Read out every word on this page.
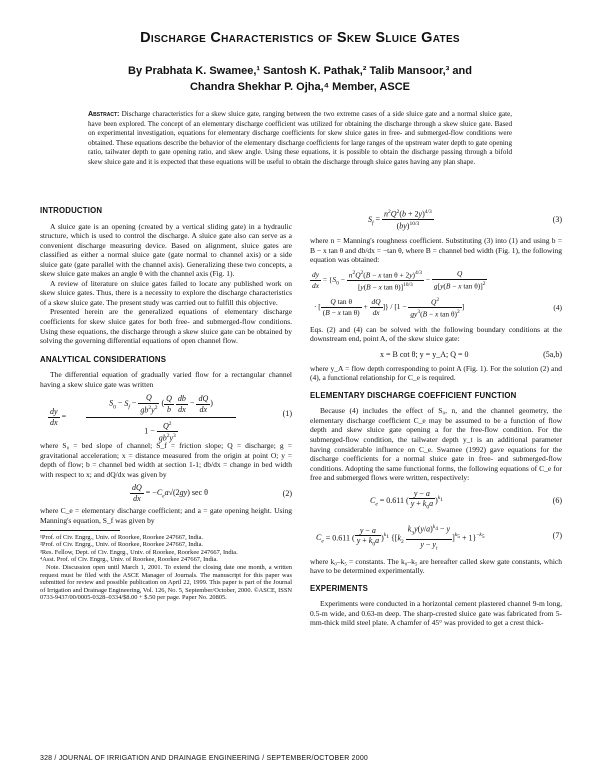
Discharge Characteristics of Skew Sluice Gates
By Prabhata K. Swamee,¹ Santosh K. Pathak,² Talib Mansoor,³ and
Chandra Shekhar P. Ojha,⁴ Member, ASCE
Abstract: Discharge characteristics for a skew sluice gate, ranging between the two extreme cases of a side sluice gate and a normal sluice gate, have been explored. The concept of an elementary discharge coefficient was utilized for obtaining the discharge through a skew sluice gate. Based on experimental investigation, equations for elementary discharge coefficients for skew sluice gates in free- and submerged-flow conditions were obtained. These equations describe the behavior of the elementary discharge coefficients for large ranges of the upstream water depth to gate opening ratio, tailwater depth to gate opening ratio, and skew angle. Using these equations, it is possible to obtain the discharge passing through a bifold skew sluice gate and it is expected that these equations will be useful to obtain the discharge through sluice gates having any plan shape.
INTRODUCTION

A sluice gate is an opening (created by a vertical sliding gate) in a hydraulic structure, which is used to control the discharge. A sluice gate also can serve as a convenient discharge measuring device. Based on alignment, sluice gates are classified as either a normal sluice gate (gate normal to channel axis) or a side sluice gate (gate parallel with the channel axis). Generalizing these two concepts, a skew sluice gate makes an angle θ with the channel axis (Fig. 1).

A review of literature on sluice gates failed to locate any published work on skew sluice gates. Thus, there is a necessity to explore the discharge characteristics of a skew sluice gate. The present study was carried out to fulfill this objective.

Presented herein are the generalized equations of elementary discharge coefficients for skew sluice gates for both free- and submerged-flow conditions. Using these equations, the discharge through a skew sluice gate can be obtained by solving the governing differential equations of open channel flow.

ANALYTICAL CONSIDERATIONS

The differential equation of gradually varied flow for a rectangular channel having a skew sluice gate was written

$\frac{dy}{dx}$ =
$S_0 - S_f - \frac{Q}{gb^2y^2}$ ( $\frac{Q}{b}$
$\frac{db}{dx} - \frac{dQ}{dx}$ )
$1 - \frac{Q^2}{gb^2y^3}$
(1)

where S₀ = bed slope of channel; S_f = friction slope; Q = discharge; g = gravitational acceleration; x = distance measured from the origin at point O; y = depth of flow; b = channel bed width at section 1-1; db/dx = change in bed width with respect to x; and dQ/dx was given by

$\frac{dQ}{dx} = -C_ea√(2gy)$ sec θ	(2)

where C_e = elementary discharge coefficient; and a = gate opening height. Using Manning's equation, S_f was given by

¹Prof. of Civ. Engrg., Univ. of Roorkee, Roorkee 247667, India.
²Prof. of Civ. Engrg., Univ. of Roorkee, Roorkee 247667, India.
³Res. Fellow, Dept. of Civ. Engrg., Univ. of Roorkee, Roorkee 247667, India.
⁴Asst. Prof. of Civ. Engrg., Univ. of Roorkee, Roorkee 247667, India.
Note. Discussion open until March 1, 2001. To extend the closing date one month, a written request must be filed with the ASCE Manager of Journals. The manuscript for this paper was submitted for review and possible publication on April 22, 1999. This paper is part of the Journal of Irrigation and Drainage Engineering, Vol. 126, No. 5, September/October, 2000. ©ASCE, ISSN 0733-9437/00/0005-0328–0334/$8.00 + $.50 per page. Paper No. 20805.
$S_f = \frac{n^2Q^2(b + 2y)^{4/3}}{(by)^{10/3}}$	(3)

where n = Manning's roughness coefficient. Substituting (3) into (1) and using b = B − x tan θ and db/dx = −tan θ, where B = channel bed width (Fig. 1), the following equation was obtained:

$\frac{dy}{dx} = \{S_0 - \frac{n^2Q^2(B - x \tan \theta + 2y)^{4/3}}{[y(B - x \tan \theta)]^{10/3}} - \frac{Q}{g[y(B - x \tan \theta)]^2}$
· [ $\frac{\text{Q tan θ}}{\text{(B − x tan θ)}} + \frac{dQ}{dx}$ ]} / [$1 - \frac{Q^2}{gy^3(B - x \tan \theta)^2}$ ]	(4)

Eqs. (2) and (4) can be solved with the following boundary conditions at the downstream end, point A, of the skew sluice gate:

x = B cot θ; y = y_A; Q = 0	(5a,b)

where y_A = flow depth corresponding to point A (Fig. 1). For the solution (2) and (4), a functional relationship for C_e is required.

ELEMENTARY DISCHARGE COEFFICIENT FUNCTION

Because (4) includes the effect of S₀, n, and the channel geometry, the elementary discharge coefficient C_e may be assumed to be a function of flow depth and skew sluice gate opening a for the free-flow condition. For the submerged-flow condition, the tailwater depth y_t is an additional parameter having considerable influence on C_e. Swamee (1992) gave equations for the discharge coefficients for a normal sluice gate in free- and submerged-flow conditions. Adopting the same functional forms, the following equations of C_e for free and submerged flows were written, respectively:

$C_e = 0.611$ ( $\frac{y - a}{y + k_0a} )^{k_1}$	(6)
$C_e = 0.611$ ( $\frac{y - a}{y + k_0a} )^{k_1}$ $\{[k_2 \frac{k_3y(y/a)^{k_4} - y}{y - y_t} ]^{k_5} + 1\}^{-k_5}$	(7)

where k₀–k₅ = constants. The k₀–k₅ are hereafter called skew gate constants, which have to be determined experimentally.

EXPERIMENTS

Experiments were conducted in a horizontal cement plastered channel 9-m long, 0.5-m wide, and 0.63-m deep. The sharp-crested sluice gate was fabricated from 5-mm-thick mild steel plate. A chamfer of 45° was provided to get a crest thick-

328 / JOURNAL OF IRRIGATION AND DRAINAGE ENGINEERING / SEPTEMBER/OCTOBER 2000
